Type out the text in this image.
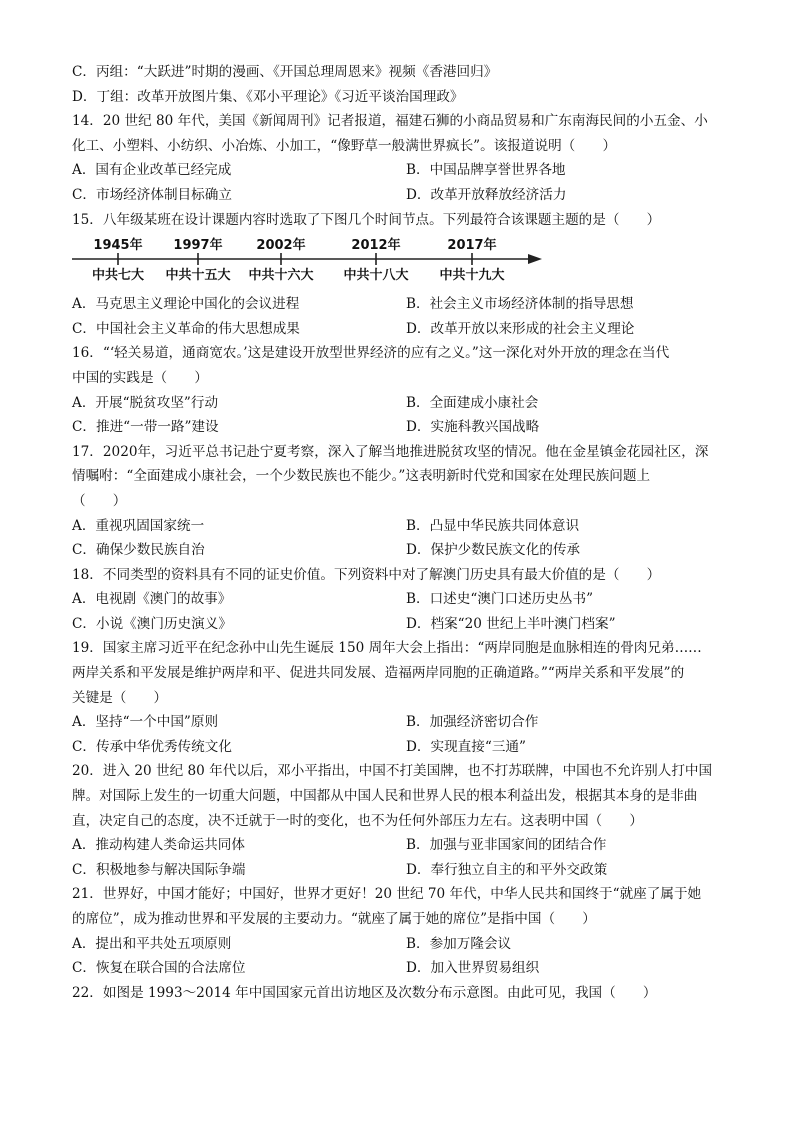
C．丙组：“大跃进”时期的漫画、《开国总理周恩来》视频《香港回归》
D．丁组：改革开放图片集、《邓小平理论》《习近平谈治国理政》
14．20 世纪 80 年代，美国《新闻周刊》记者报道，福建石狮的小商品贸易和广东南海民间的小五金、小
化工、小塑料、小纺织、小冶炼、小加工，“像野草一般满世界疯长”。该报道说明（　　）
A．国有企业改革已经完成	B．中国品牌享誉世界各地
C．市场经济体制目标确立	D．改革开放释放经济活力
15．八年级某班在设计课题内容时选取了下图几个时间节点。下列最符合该课题主题的是（　　）
1945年 1997年	2002年	2012年	2017年
中共七大 中共十五大 中共十六大 中共十八大 中共十九大
A．马克思主义理论中国化的会议进程	B．社会主义市场经济体制的指导思想
C．中国社会主义革命的伟大思想成果	D．改革开放以来形成的社会主义理论
16．“‘轻关易道，通商宽农。’这是建设开放型世界经济的应有之义。”这一深化对外开放的理念在当代
中国的实践是（　　）
A．开展“脱贫攻坚”行动	B．全面建成小康社会
C．推进“一带一路”建设	D．实施科教兴国战略
17．2020年，习近平总书记赴宁夏考察，深入了解当地推进脱贫攻坚的情况。他在金星镇金花园社区，深
情嘱咐：“全面建成小康社会，一个少数民族也不能少。”这表明新时代党和国家在处理民族问题上
（　　）
A．重视巩固国家统一	B．凸显中华民族共同体意识
C．确保少数民族自治	D．保护少数民族文化的传承
18．不同类型的资料具有不同的证史价值。下列资料中对了解澳门历史具有最大价值的是（　　）
A．电视剧《澳门的故事》	B．口述史“澳门口述历史丛书”
C．小说《澳门历史演义》	D．档案“20 世纪上半叶澳门档案”
19．国家主席习近平在纪念孙中山先生诞辰 150 周年大会上指出：“两岸同胞是血脉相连的骨肉兄弟……
两岸关系和平发展是维护两岸和平、促进共同发展、造福两岸同胞的正确道路。”“两岸关系和平发展”的
关键是（　　）
A．坚持“一个中国”原则	B．加强经济密切合作
C．传承中华优秀传统文化	D．实现直接“三通”
20．进入 20 世纪 80 年代以后，邓小平指出，中国不打美国牌，也不打苏联牌，中国也不允许别人打中国
牌。对国际上发生的一切重大问题，中国都从中国人民和世界人民的根本利益出发，根据其本身的是非曲
直，决定自己的态度，决不迁就于一时的变化，也不为任何外部压力左右。这表明中国（　　）
A．推动构建人类命运共同体	B．加强与亚非国家间的团结合作
C．积极地参与解决国际争端	D．奉行独立自主的和平外交政策
21．世界好，中国才能好；中国好，世界才更好！20 世纪 70 年代，中华人民共和国终于“就座了属于她
的席位”，成为推动世界和平发展的主要动力。“就座了属于她的席位”是指中国（　　）
A．提出和平共处五项原则	B．参加万隆会议
C．恢复在联合国的合法席位	D．加入世界贸易组织
22．如图是 1993～2014 年中国国家元首出访地区及次数分布示意图。由此可见，我国（　　）
